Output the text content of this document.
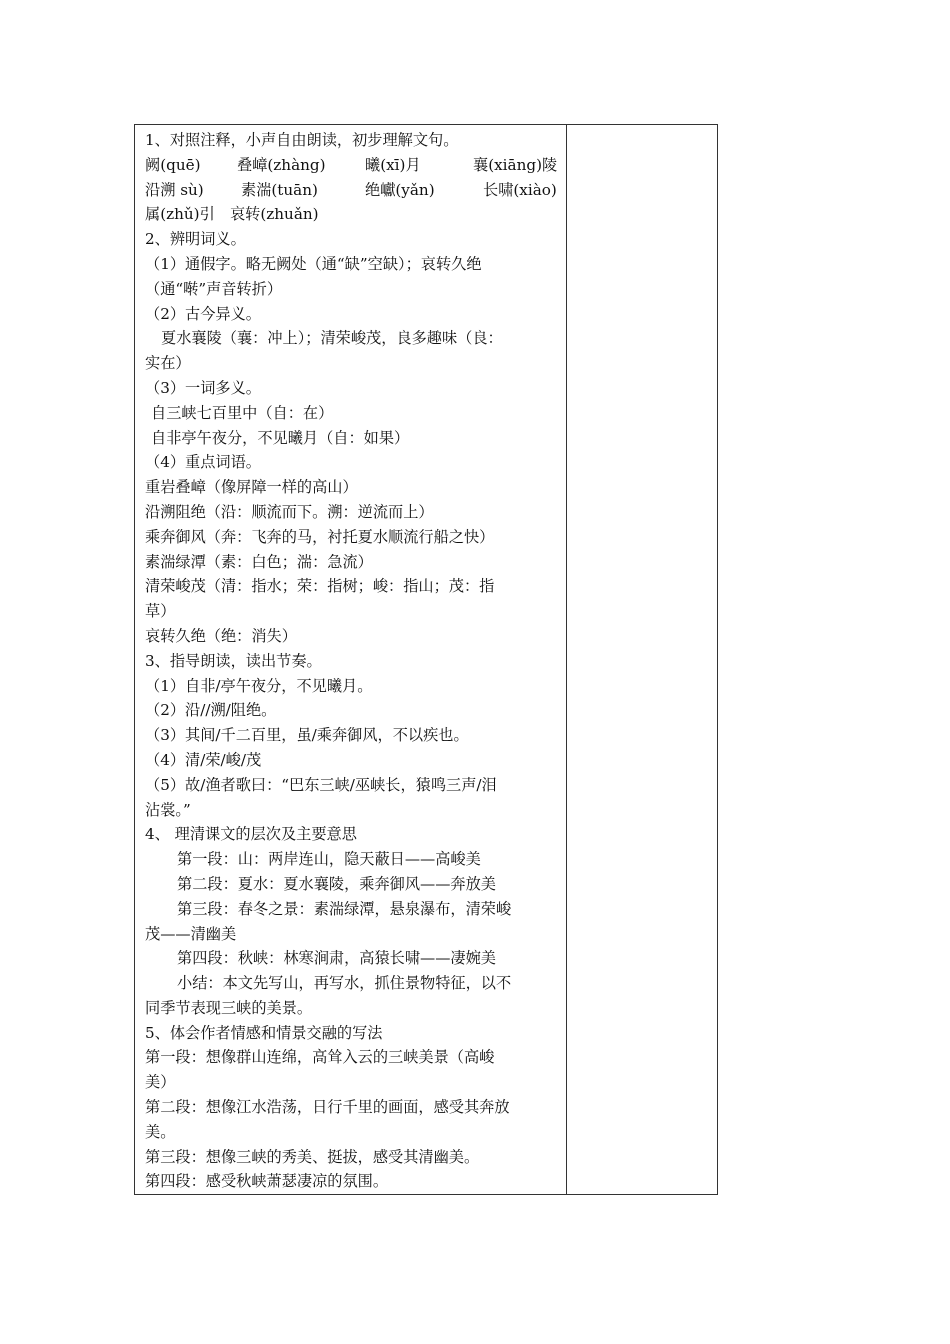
1、对照注释，小声自由朗读，初步理解文句。
阙(quē)	叠嶂(zhàng)	曦(xī)月	襄(xiāng)陵
沿溯 sù)	素湍(tuān)	绝巘(yǎn)	长啸(xiào)
属(zhǔ)引　哀转(zhuǎn)
2、辨明词义。
（1）通假字。略无阙处（通“缺”空缺）；哀转久绝
（通“啭”声音转折）
（2）古今异义。
夏水襄陵（襄：冲上）；清荣峻茂，良多趣味（良：
实在）
（3）一词多义。
自三峡七百里中（自：在）
自非亭午夜分，不见曦月（自：如果）
（4）重点词语。
重岩叠嶂（像屏障一样的高山）
沿溯阻绝（沿：顺流而下。溯：逆流而上）
乘奔御风（奔：飞奔的马，衬托夏水顺流行船之快）
素湍绿潭（素：白色；湍：急流）
清荣峻茂（清：指水；荣：指树；峻：指山；茂：指
草）
哀转久绝（绝：消失）
3、指导朗读，读出节奏。
（1）自非/亭午夜分，不见曦月。
（2）沿//溯/阻绝。
（3）其间/千二百里，虽/乘奔御风，不以疾也。
（4）清/荣/峻/茂
（5）故/渔者歌曰：“巴东三峡/巫峡长，猿鸣三声/泪
沾裳。”
4、 理清课文的层次及主要意思
第一段：山：两岸连山，隐天蔽日——高峻美
第二段：夏水：夏水襄陵，乘奔御风——奔放美
第三段：春冬之景：素湍绿潭，悬泉瀑布，清荣峻
茂——清幽美
第四段：秋峡：林寒涧肃，高猿长啸——凄婉美
小结：本文先写山，再写水，抓住景物特征，以不
同季节表现三峡的美景。
5、体会作者情感和情景交融的写法
第一段：想像群山连绵，高耸入云的三峡美景（高峻
美）
第二段：想像江水浩荡，日行千里的画面，感受其奔放
美。
第三段：想像三峡的秀美、挺拔，感受其清幽美。
第四段：感受秋峡萧瑟凄凉的氛围。
